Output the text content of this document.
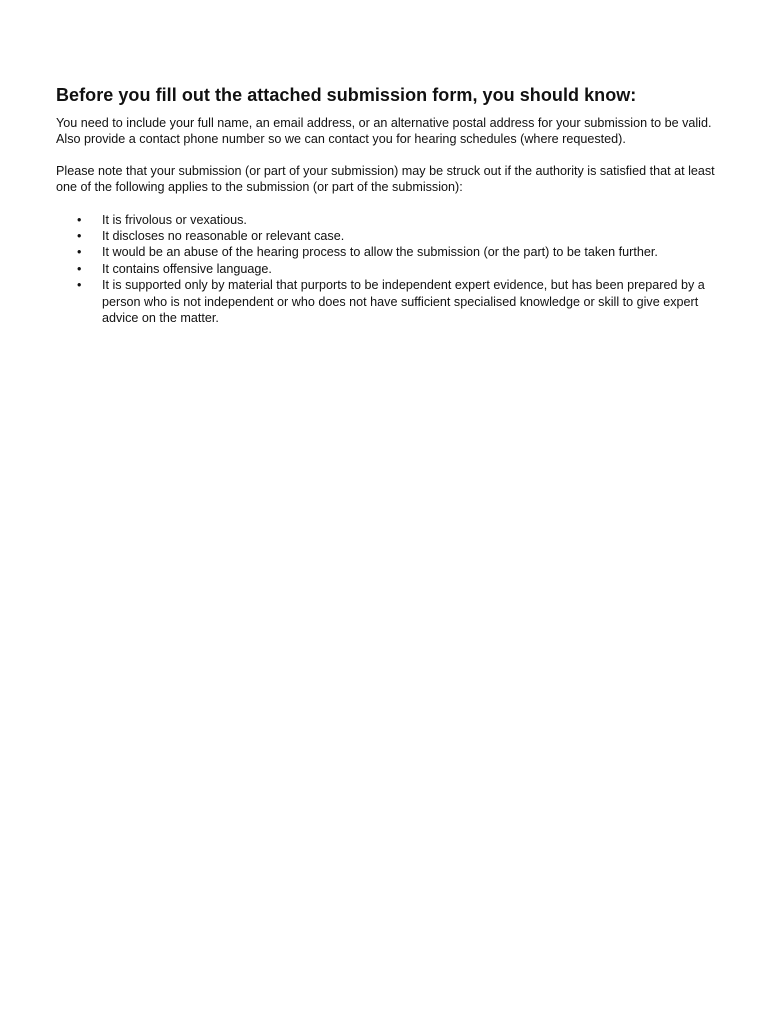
Before you fill out the attached submission form, you should know:

You need to include your full name, an email address, or an alternative postal address for your submission to be valid. Also provide a contact phone number so we can contact you for hearing schedules (where requested).

Please note that your submission (or part of your submission) may be struck out if the authority is satisfied that at least one of the following applies to the submission (or part of the submission):

• It is frivolous or vexatious.
• It discloses no reasonable or relevant case.
• It would be an abuse of the hearing process to allow the submission (or the part) to be taken further.
• It contains offensive language.
• It is supported only by material that purports to be independent expert evidence, but has been prepared by a person who is not independent or who does not have sufficient specialised knowledge or skill to give expert advice on the matter.
